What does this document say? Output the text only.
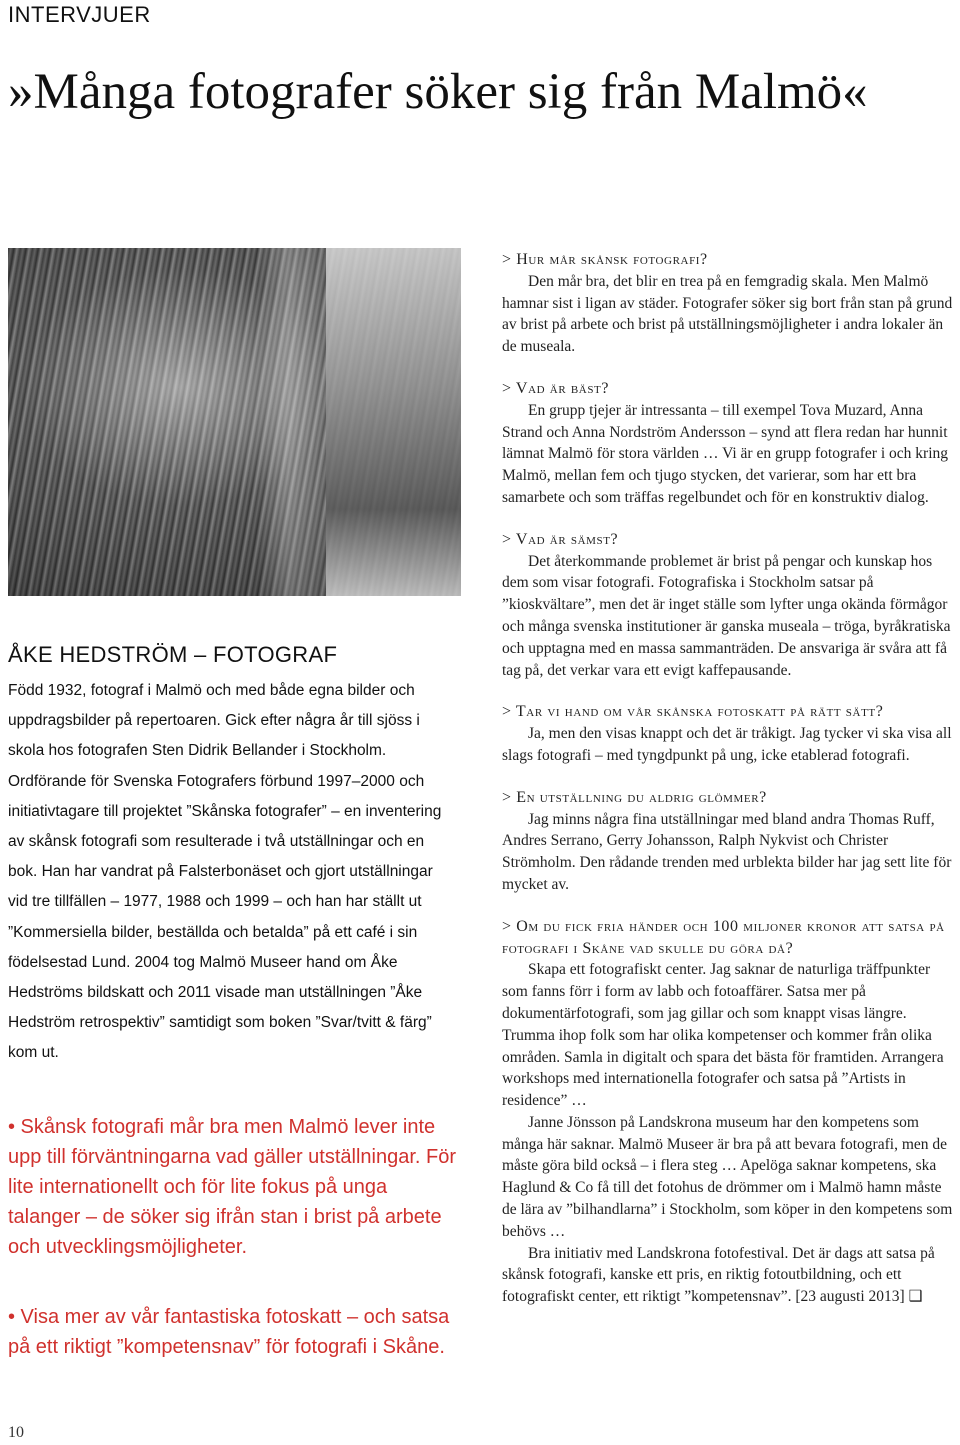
INTERVJUER
»Många fotografer söker sig från Malmö«
ÅKE HEDSTRÖM – FOTOGRAF

Född 1932, fotograf i Malmö och med både egna bilder och uppdragsbilder på repertoaren. Gick efter några år till sjöss i skola hos fotografen Sten Didrik Bellander i Stockholm. Ordförande för Svenska Fotografers förbund 1997–2000 och initiativtagare till projektet ”Skånska fotografer” – en inventering av skånsk fotografi som resulterade i två utställningar och en bok. Han har vandrat på Falsterbonäset och gjort utställningar vid tre tillfällen – 1977, 1988 och 1999 – och han har ställt ut ”Kommersiella bilder, beställda och betalda” på ett café i sin födelsestad Lund. 2004 tog Malmö Museer hand om Åke Hedströms bildskatt och 2011 visade man utställningen ”Åke Hedström retrospektiv” samtidigt som boken ”Svar/tvitt & färg” kom ut.

• Skånsk fotografi mår bra men Malmö lever inte upp till förväntningarna vad gäller utställningar. För lite internationellt och för lite fokus på unga talanger – de söker sig ifrån stan i brist på arbete och utvecklingsmöjligheter.
• Visa mer av vår fantastiska fotoskatt – och satsa på ett riktigt ”kompetensnav” för fotografi i Skåne.
> Hur mår skånsk fotografi?

Den mår bra, det blir en trea på en femgradig skala. Men Malmö hamnar sist i ligan av städer. Fotografer söker sig bort från stan på grund av brist på arbete och brist på utställningsmöjligheter i andra lokaler än de museala.

> Vad är bäst?

En grupp tjejer är intressanta – till exempel Tova Muzard, Anna Strand och Anna Nordström Andersson – synd att flera redan har hunnit lämnat Malmö för stora världen … Vi är en grupp fotografer i och kring Malmö, mellan fem och tjugo stycken, det varierar, som har ett bra samarbete och som träffas regelbundet och för en konstruktiv dialog.

> Vad är sämst?

Det återkommande problemet är brist på pengar och kunskap hos dem som visar fotografi. Fotografiska i Stockholm satsar på ”kioskvältare”, men det är inget ställe som lyfter unga okända förmågor och många svenska institutioner är ganska museala – tröga, byråkratiska och upptagna med en massa sammanträden. De ansvariga är svåra att få tag på, det verkar vara ett evigt kaffepausande.

> Tar vi hand om vår skånska fotoskatt på rätt sätt?

Ja, men den visas knappt och det är tråkigt. Jag tycker vi ska visa all slags fotografi – med tyngdpunkt på ung, icke etablerad fotografi.

> En utställning du aldrig glömmer?

Jag minns några fina utställningar med bland andra Thomas Ruff, Andres Serrano, Gerry Johansson, Ralph Nykvist och Christer Strömholm. Den rådande trenden med urblekta bilder har jag sett lite för mycket av.

> Om du fick fria händer och 100 miljoner kronor att satsa på fotografi i Skåne vad skulle du göra då?

Skapa ett fotografiskt center. Jag saknar de naturliga träffpunkter som fanns förr i form av labb och fotoaffärer. Satsa mer på dokumentärfotografi, som jag gillar och som knappt visas längre. Trumma ihop folk som har olika kompetenser och kommer från olika områden. Samla in digitalt och spara det bästa för framtiden. Arrangera workshops med internationella fotografer och satsa på ”Artists in residence” …

Janne Jönsson på Landskrona museum har den kompetens som många här saknar. Malmö Museer är bra på att bevara fotografi, men de måste göra bild också – i flera steg … Apelöga saknar kompetens, ska Haglund & Co få till det fotohus de drömmer om i Malmö hamn måste de lära av ”bilhandlarna” i Stockholm, som köper in den kompetens som behövs …

Bra initiativ med Landskrona fotofestival. Det är dags att satsa på skånsk fotografi, kanske ett pris, en riktig fotoutbildning, och ett fotografiskt center, ett riktigt ”kompetensnav”. [23 augusti 2013] ❑

10
